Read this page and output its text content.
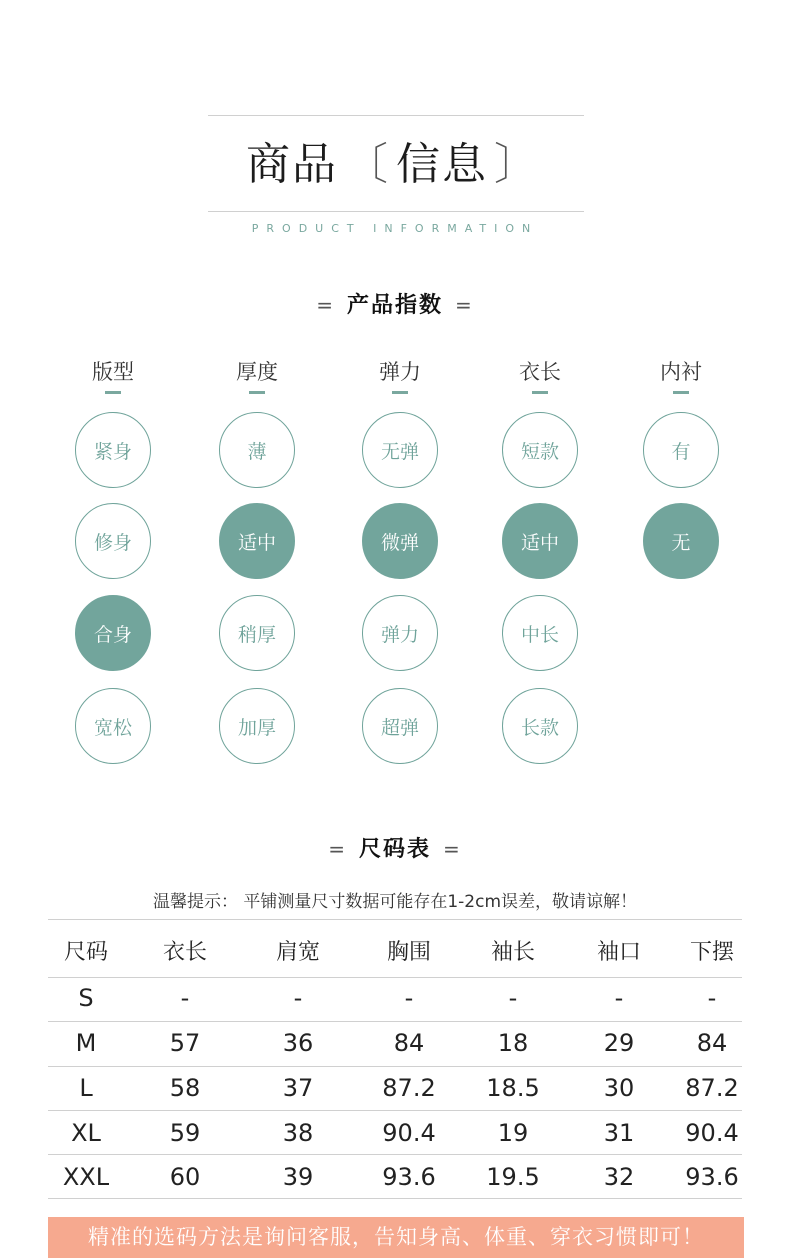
商品 〔 信息 〕
PRODUCT INFORMATION
= 产品指数 =
版型
紧身
修身
合身
宽松
厚度
薄
适中
稍厚
加厚
弹力
无弹
微弹
弹力
超弹
衣长
短款
适中
中长
长款
内衬
有
无
= 尺码表 =
温馨提示： 平铺测量尺寸数据可能存在1-2cm误差，敬请谅解！
尺码	衣长	肩宽	胸围	袖长	袖口	下摆
S	-	-	-	-	-	-
M	57	36	84	18	29	84
L	58	37	87.2	18.5	30	87.2
XL	59	38	90.4	19	31	90.4
XXL	60	39	93.6	19.5	32	93.6
精准的选码方法是询问客服，告知身高、体重、穿衣习惯即可！
